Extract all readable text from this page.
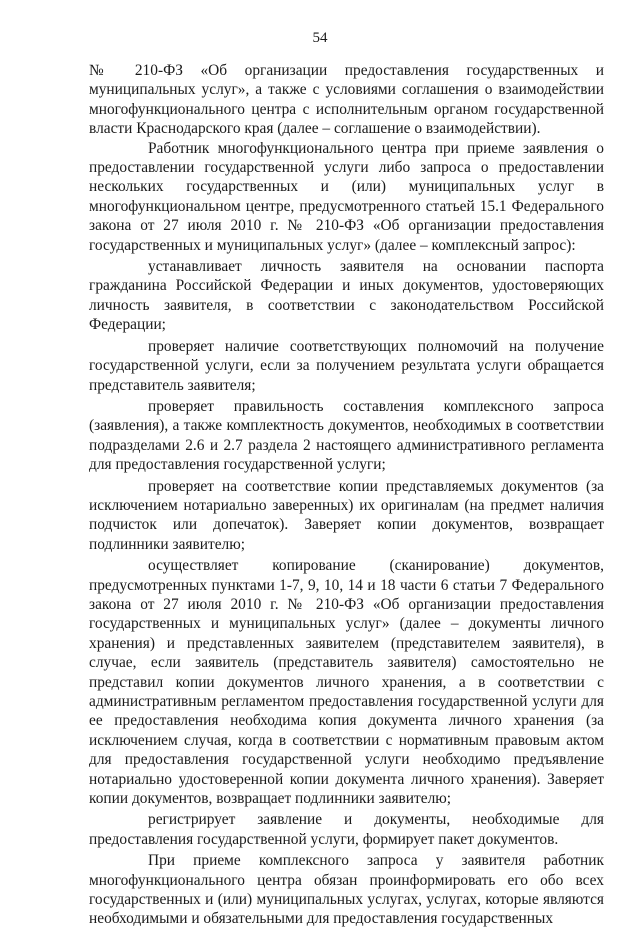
54

№ 210-ФЗ «Об организации предоставления государственных и муниципальных услуг», а также с условиями соглашения о взаимодействии многофункционального центра с исполнительным органом государственной власти Краснодарского края (далее – соглашение о взаимодействии).

Работник многофункционального центра при приеме заявления о предоставлении государственной услуги либо запроса о предоставлении нескольких государственных и (или) муниципальных услуг в многофункциональном центре, предусмотренного статьей 15.1 Федерального закона от 27 июля 2010 г. № 210-ФЗ «Об организации предоставления государственных и муниципальных услуг» (далее – комплексный запрос):

устанавливает личность заявителя на основании паспорта гражданина Российской Федерации и иных документов, удостоверяющих личность заявителя, в соответствии с законодательством Российской Федерации;

проверяет наличие соответствующих полномочий на получение государственной услуги, если за получением результата услуги обращается представитель заявителя;

проверяет правильность составления комплексного запроса (заявления), а также комплектность документов, необходимых в соответствии подразделами 2.6 и 2.7 раздела 2 настоящего административного регламента для предоставления государственной услуги;

проверяет на соответствие копии представляемых документов (за исключением нотариально заверенных) их оригиналам (на предмет наличия подчисток или допечаток). Заверяет копии документов, возвращает подлинники заявителю;

осуществляет копирование (сканирование) документов, предусмотренных пунктами 1-7, 9, 10, 14 и 18 части 6 статьи 7 Федерального закона от 27 июля 2010 г. № 210-ФЗ «Об организации предоставления государственных и муниципальных услуг» (далее – документы личного хранения) и представленных заявителем (представителем заявителя), в случае, если заявитель (представитель заявителя) самостоятельно не представил копии документов личного хранения, а в соответствии с административным регламентом предоставления государственной услуги для ее предоставления необходима копия документа личного хранения (за исключением случая, когда в соответствии с нормативным правовым актом для предоставления государственной услуги необходимо предъявление нотариально удостоверенной копии документа личного хранения). Заверяет копии документов, возвращает подлинники заявителю;

регистрирует заявление и документы, необходимые для предоставления государственной услуги, формирует пакет документов.

При приеме комплексного запроса у заявителя работник многофункционального центра обязан проинформировать его обо всех государственных и (или) муниципальных услугах, услугах, которые являются необходимыми и обязательными для предоставления государственных
